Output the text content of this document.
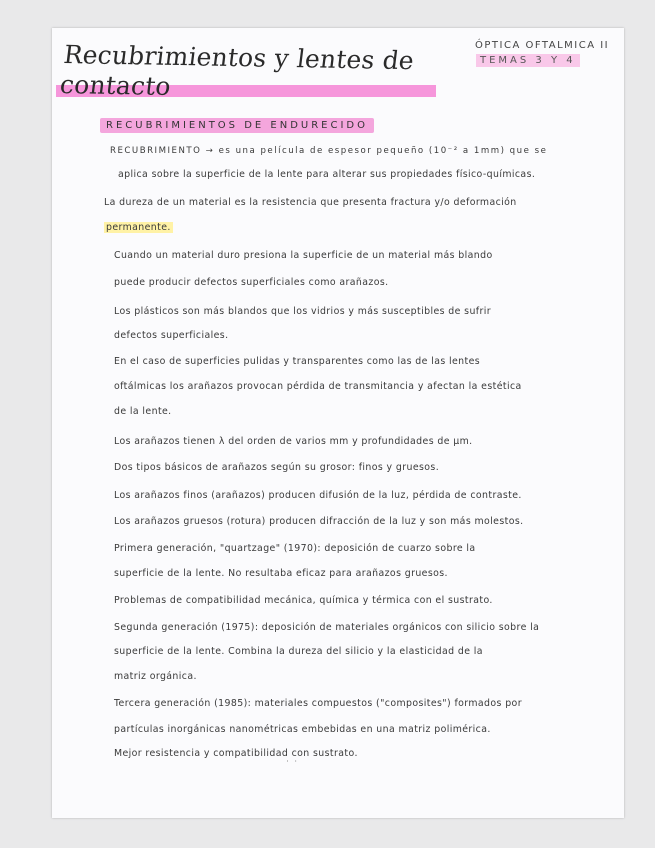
Recubrimientos y lentes de contacto
ÓPTICA OFTALMICA II
TEMAS 3 Y 4
RECUBRIMIENTOS DE ENDURECIDO
RECUBRIMIENTO → es una película de espesor pequeño (10⁻² a 1mm) que se
aplica sobre la superficie de la lente para alterar sus propiedades físico-químicas.
La dureza de un material es la resistencia que presenta fractura y/o deformación
permanente.
Cuando un material duro presiona la superficie de un material más blando
puede producir defectos superficiales como arañazos.
Los plásticos son más blandos que los vidrios y más susceptibles de sufrir
defectos superficiales.
En el caso de superficies pulidas y transparentes como las de las lentes
oftálmicas los arañazos provocan pérdida de transmitancia y afectan la estética
de la lente.
Los arañazos tienen λ del orden de varios mm y profundidades de µm.
Dos tipos básicos de arañazos según su grosor: finos y gruesos.
Los arañazos finos (arañazos) producen difusión de la luz, pérdida de contraste.
Los arañazos gruesos (rotura) producen difracción de la luz y son más molestos.
Primera generación, "quartzage" (1970): deposición de cuarzo sobre la
superficie de la lente. No resultaba eficaz para arañazos gruesos.
Problemas de compatibilidad mecánica, química y térmica con el sustrato.
Segunda generación (1975): deposición de materiales orgánicos con silicio sobre la
superficie de la lente. Combina la dureza del silicio y la elasticidad de la
matriz orgánica.
Tercera generación (1985): materiales compuestos ("composites") formados por
partículas inorgánicas nanométricas embebidas en una matriz polimérica.
Mejor resistencia y compatibilidad con sustrato.
˙ ˙
